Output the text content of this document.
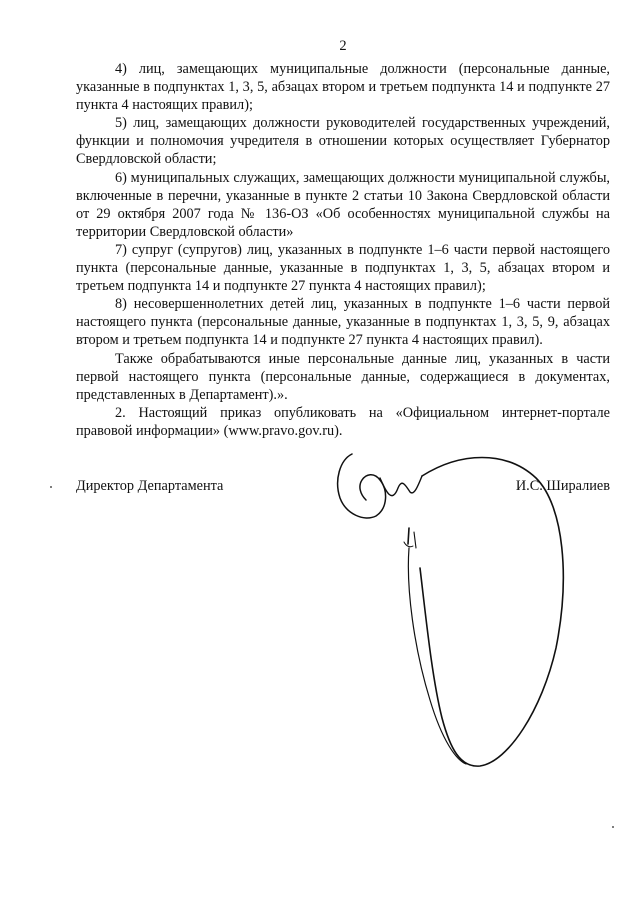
2

4) лиц, замещающих муниципальные должности (персональные данные, указанные в подпунктах 1, 3, 5, абзацах втором и третьем подпункта 14 и подпункте 27 пункта 4 настоящих правил);

5) лиц, замещающих должности руководителей государственных учреждений, функции и полномочия учредителя в отношении которых осуществляет Губернатор Свердловской области;

6) муниципальных служащих, замещающих должности муниципальной службы, включенные в перечни, указанные в пункте 2 статьи 10 Закона Свердловской области от 29 октября 2007 года № 136-ОЗ «Об особенностях муниципальной службы на территории Свердловской области»

7) супруг (супругов) лиц, указанных в подпункте 1–6 части первой настоящего пункта (персональные данные, указанные в подпунктах 1, 3, 5, абзацах втором и третьем подпункта 14 и подпункте 27 пункта 4 настоящих правил);

8) несовершеннолетних детей лиц, указанных в подпункте 1–6 части первой настоящего пункта (персональные данные, указанные в подпунктах 1, 3, 5, 9, абзацах втором и третьем подпункта 14 и подпункте 27 пункта 4 настоящих правил).

Также обрабатываются иные персональные данные лиц, указанных в части первой настоящего пункта (персональные данные, содержащиеся в документах, представленных в Департамент).».

2. Настоящий приказ опубликовать на «Официальном интернет-портале правовой информации» (www.pravo.gov.ru).

Директор Департамента	И.С. Ширалиев
